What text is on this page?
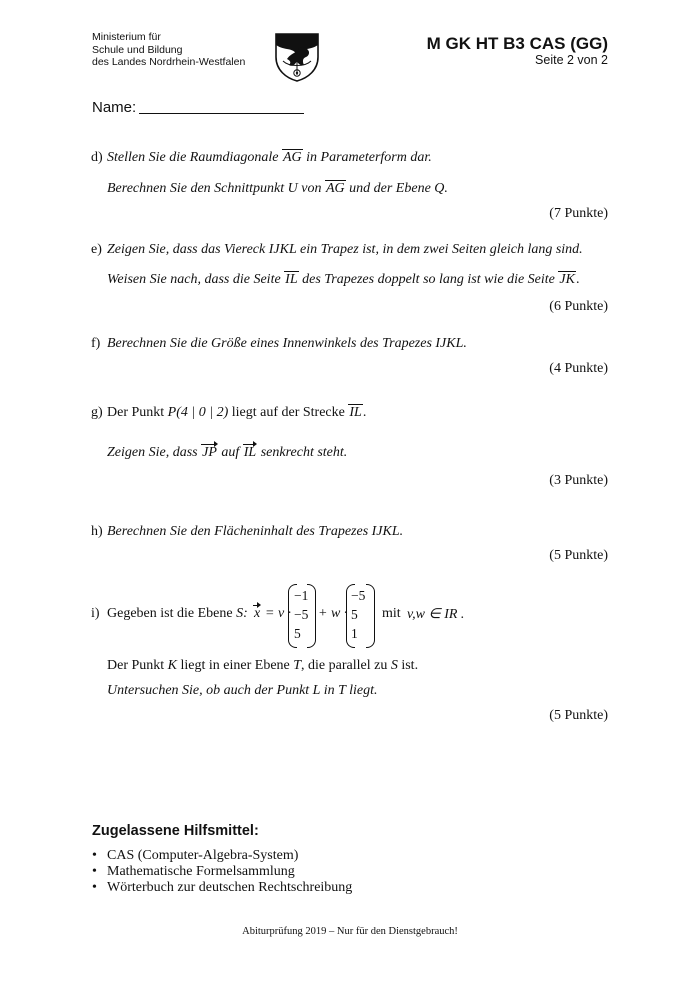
Ministerium für
Schule und Bildung
des Landes Nordrhein-Westfalen
M GK HT B3 CAS (GG)
Seite 2 von 2
Name:
d) Stellen Sie die Raumdiagonale AG in Parameterform dar.
Berechnen Sie den Schnittpunkt U von AG und der Ebene Q.
(7 Punkte)
e) Zeigen Sie, dass das Viereck IJKL ein Trapez ist, in dem zwei Seiten gleich lang sind.
Weisen Sie nach, dass die Seite IL des Trapezes doppelt so lang ist wie die Seite JK.
(6 Punkte)
f) Berechnen Sie die Größe eines Innenwinkels des Trapezes IJKL.
(4 Punkte)
g) Der Punkt P(4 | 0 | 2) liegt auf der Strecke IL.
Zeigen Sie, dass JP auf IL senkrecht steht.
(3 Punkte)
h) Berechnen Sie den Flächeninhalt des Trapezes IJKL.
(5 Punkte)
i) Gegeben ist die Ebene S: x = v ·
−1
−5
5
+ w ·
−5
5
1
mit v,w ∈ IR .
Der Punkt K liegt in einer Ebene T, die parallel zu S ist.
Untersuchen Sie, ob auch der Punkt L in T liegt.
(5 Punkte)
Zugelassene Hilfsmittel:
• CAS (Computer-Algebra-System)
• Mathematische Formelsammlung
• Wörterbuch zur deutschen Rechtschreibung
Abiturprüfung 2019 – Nur für den Dienstgebrauch!
